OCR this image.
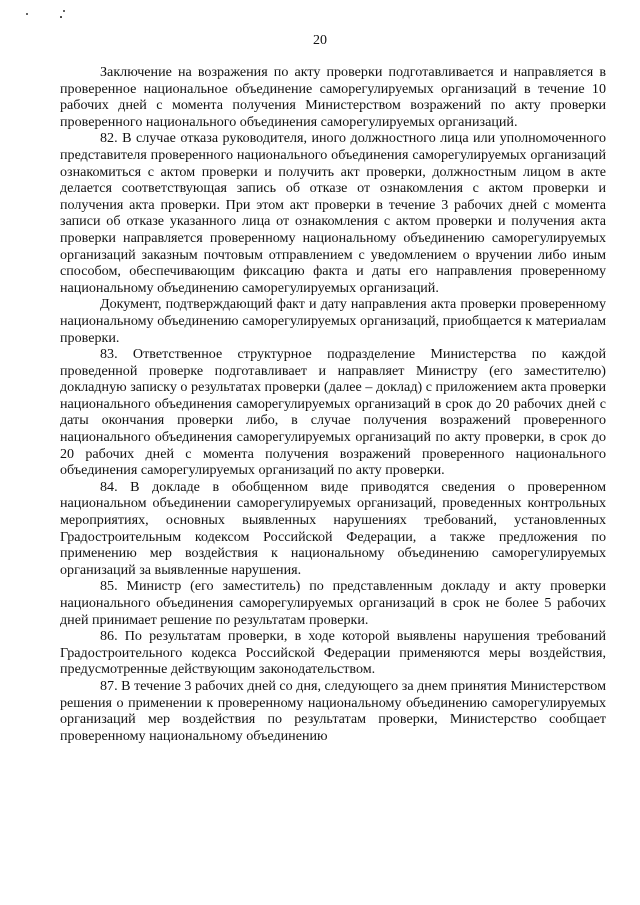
20

Заключение на возражения по акту проверки подготавливается и направляется в проверенное национальное объединение саморегулируемых организаций в течение 10 рабочих дней с момента получения Министерством возражений по акту проверки проверенного национального объединения саморегулируемых организаций.

82. В случае отказа руководителя, иного должностного лица или уполномоченного представителя проверенного национального объединения саморегулируемых организаций ознакомиться с актом проверки и получить акт проверки, должностным лицом в акте делается соответствующая запись об отказе от ознакомления с актом проверки и получения акта проверки. При этом акт проверки в течение 3 рабочих дней с момента записи об отказе указанного лица от ознакомления с актом проверки и получения акта проверки направляется проверенному национальному объединению саморегулируемых организаций заказным почтовым отправлением с уведомлением о вручении либо иным способом, обеспечивающим фиксацию факта и даты его направления проверенному национальному объединению саморегулируемых организаций.

Документ, подтверждающий факт и дату направления акта проверки проверенному национальному объединению саморегулируемых организаций, приобщается к материалам проверки.

83. Ответственное структурное подразделение Министерства по каждой проведенной проверке подготавливает и направляет Министру (его заместителю) докладную записку о результатах проверки (далее – доклад) с приложением акта проверки национального объединения саморегулируемых организаций в срок до 20 рабочих дней с даты окончания проверки либо, в случае получения возражений проверенного национального объединения саморегулируемых организаций по акту проверки, в срок до 20 рабочих дней с момента получения возражений проверенного национального объединения саморегулируемых организаций по акту проверки.

84. В докладе в обобщенном виде приводятся сведения о проверенном национальном объединении саморегулируемых организаций, проведенных контрольных мероприятиях, основных выявленных нарушениях требований, установленных Градостроительным кодексом Российской Федерации, а также предложения по применению мер воздействия к национальному объединению саморегулируемых организаций за выявленные нарушения.

85. Министр (его заместитель) по представленным докладу и акту проверки национального объединения саморегулируемых организаций в срок не более 5 рабочих дней принимает решение по результатам проверки.

86. По результатам проверки, в ходе которой выявлены нарушения требований Градостроительного кодекса Российской Федерации применяются меры воздействия, предусмотренные действующим законодательством.

87. В течение 3 рабочих дней со дня, следующего за днем принятия Министерством решения о применении к проверенному национальному объединению саморегулируемых организаций мер воздействия по результатам проверки, Министерство сообщает проверенному национальному объединению
